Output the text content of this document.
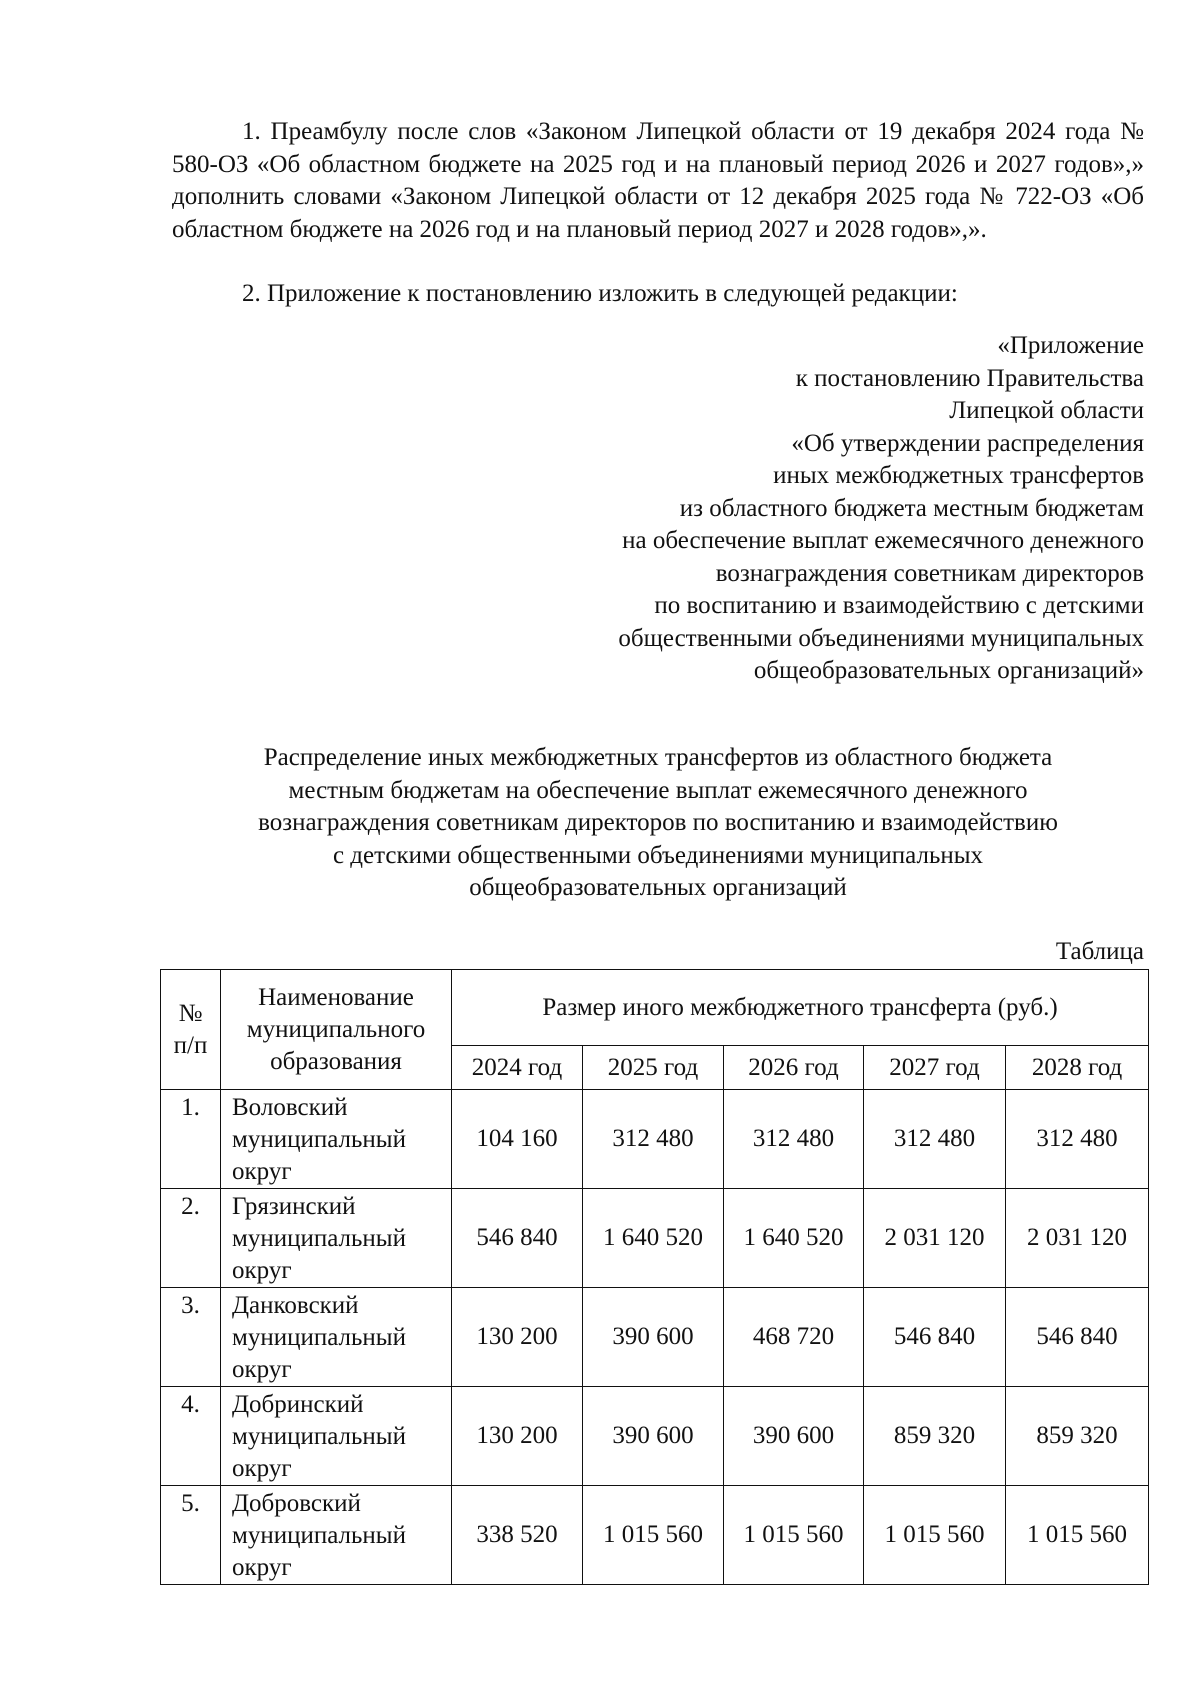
1. Преамбулу после слов «Законом Липецкой области от 19 декабря 2024 года № 580-ОЗ «Об областном бюджете на 2025 год и на плановый период 2026 и 2027 годов»,» дополнить словами «Законом Липецкой области от 12 декабря 2025 года № 722-ОЗ «Об областном бюджете на 2026 год и на плановый период 2027 и 2028 годов»,».

2. Приложение к постановлению изложить в следующей редакции:

«Приложение
к постановлению Правительства
Липецкой области
«Об утверждении распределения
иных межбюджетных трансфертов
из областного бюджета местным бюджетам
на обеспечение выплат ежемесячного денежного
вознаграждения советникам директоров
по воспитанию и взаимодействию с детскими
общественными объединениями муниципальных
общеобразовательных организаций»
Распределение иных межбюджетных трансфертов из областного бюджета
местным бюджетам на обеспечение выплат ежемесячного денежного
вознаграждения советникам директоров по воспитанию и взаимодействию
с детскими общественными объединениями муниципальных
общеобразовательных организаций
Таблица
№
п/п	Наименование муниципального образования	Размер иного межбюджетного трансферта (руб.)				
		2024 год	2025 год	2026 год	2027 год	2028 год
1.	Воловский муниципальный округ	104 160	312 480	312 480	312 480	312 480
2.	Грязинский муниципальный округ	546 840	1 640 520	1 640 520	2 031 120	2 031 120
3.	Данковский муниципальный округ	130 200	390 600	468 720	546 840	546 840
4.	Добринский муниципальный округ	130 200	390 600	390 600	859 320	859 320
5.	Добровский муниципальный округ	338 520	1 015 560	1 015 560	1 015 560	1 015 560
